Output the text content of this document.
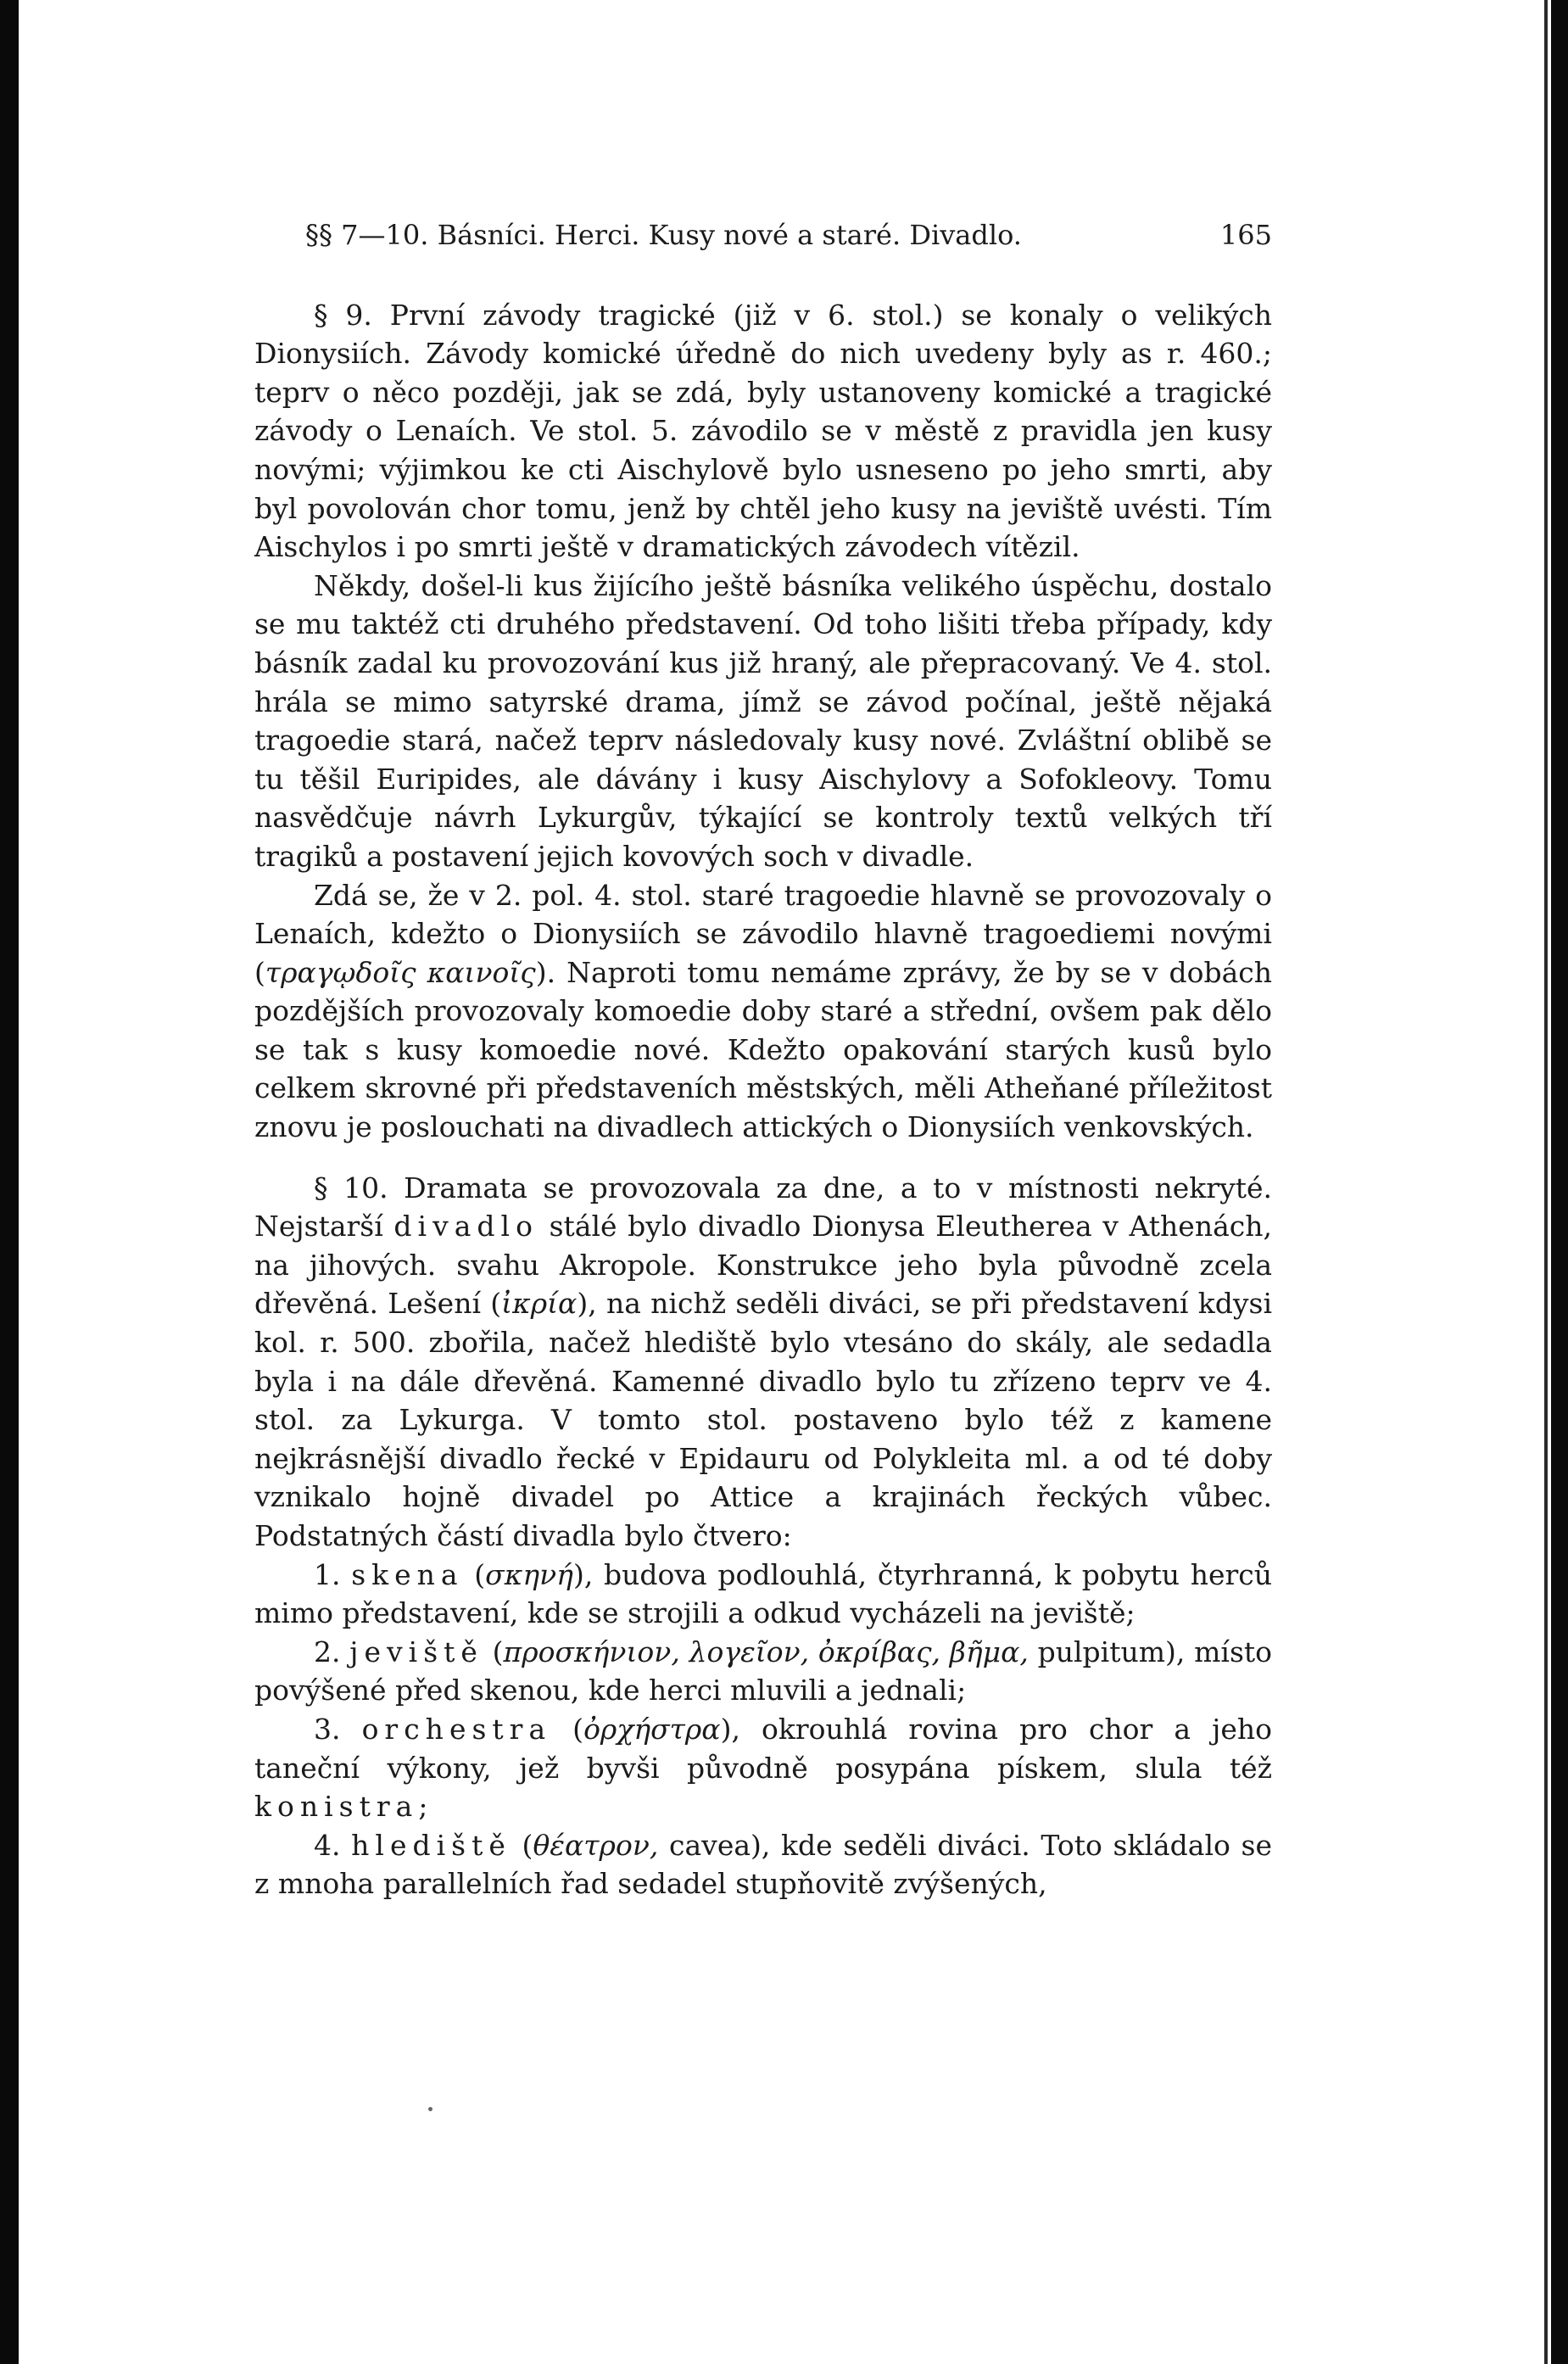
§§ 7—10. Básníci. Herci. Kusy nové a staré. Divadlo.	165

§ 9. První závody tragické (již v 6. stol.) se konaly o velikých Dionysiích. Závody komické úředně do nich uvedeny byly as r. 460.; teprv o něco později, jak se zdá, byly ustanoveny komické a tragické závody o Lenaích. Ve stol. 5. závodilo se v městě z pravidla jen kusy novými; výjimkou ke cti Aischylově bylo usneseno po jeho smrti, aby byl povolován chor tomu, jenž by chtěl jeho kusy na jeviště uvésti. Tím Aischylos i po smrti ještě v dramatických závodech vítězil.

Někdy, došel-li kus žijícího ještě básníka velikého úspěchu, dostalo se mu taktéž cti druhého představení. Od toho lišiti třeba případy, kdy básník zadal ku provozování kus již hraný, ale přepracovaný. Ve 4. stol. hrála se mimo satyrské drama, jímž se závod počínal, ještě nějaká tragoedie stará, načež teprv následovaly kusy nové. Zvláštní oblibě se tu těšil Euripides, ale dávány i kusy Aischylovy a Sofokleovy. Tomu nasvědčuje návrh Lykurgův, týkající se kontroly textů velkých tří tragiků a postavení jejich kovových soch v divadle.

Zdá se, že v 2. pol. 4. stol. staré tragoedie hlavně se provozovaly o Lenaích, kdežto o Dionysiích se závodilo hlavně tragoediemi novými (τραγῳδοῖς καινοῖς). Naproti tomu nemáme zprávy, že by se v dobách pozdějších provozovaly komoedie doby staré a střední, ovšem pak dělo se tak s kusy komoedie nové. Kdežto opakování starých kusů bylo celkem skrovné při představeních městských, měli Atheňané příležitost znovu je poslouchati na divadlech attických o Dionysiích venkovských.

§ 10. Dramata se provozovala za dne, a to v místnosti nekryté. Nejstarší divadlo stálé bylo divadlo Dionysa Eleutherea v Athenách, na jihových. svahu Akropole. Konstrukce jeho byla původně zcela dřevěná. Lešení (ἰκρία), na nichž seděli diváci, se při představení kdysi kol. r. 500. zbořila, načež hlediště bylo vtesáno do skály, ale sedadla byla i na dále dřevěná. Kamenné divadlo bylo tu zřízeno teprv ve 4. stol. za Lykurga. V tomto stol. postaveno bylo též z kamene nejkrásnější divadlo řecké v Epidauru od Polykleita ml. a od té doby vznikalo hojně divadel po Attice a krajinách řeckých vůbec. Podstatných částí divadla bylo čtvero:

1. skena (σκηνή), budova podlouhlá, čtyrhranná, k pobytu herců mimo představení, kde se strojili a odkud vycházeli na jeviště;

2. jeviště (προσκήνιον, λογεῖον, ὀκρίβας, βῆμα, pulpitum), místo povýšené před skenou, kde herci mluvili a jednali;

3. orchestra (ὀρχήστρα), okrouhlá rovina pro chor a jeho taneční výkony, jež byvši původně posypána pískem, slula též konistra;

4. hlediště (θέατρον, cavea), kde seděli diváci. Toto skládalo se z mnoha parallelních řad sedadel stupňovitě zvýšených,
